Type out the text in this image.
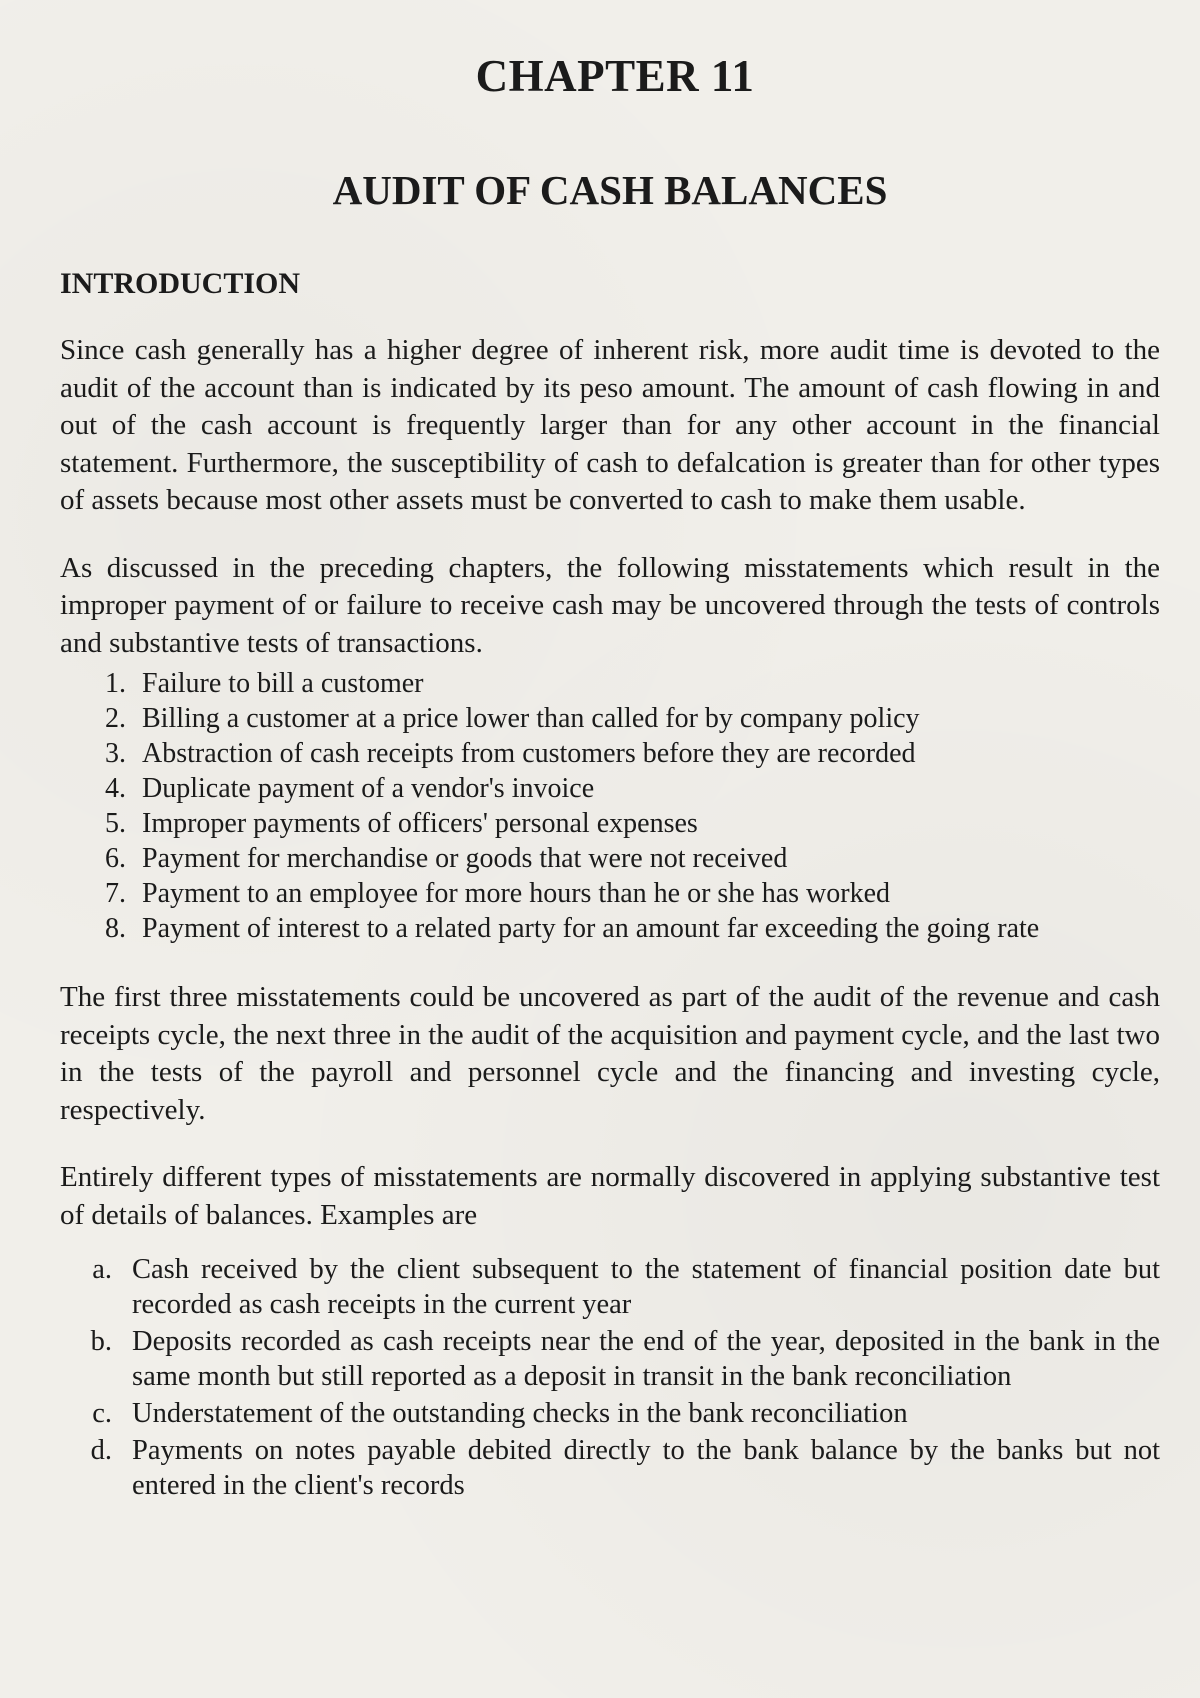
CHAPTER 11
AUDIT OF CASH BALANCES
INTRODUCTION

Since cash generally has a higher degree of inherent risk, more audit time is devoted to the audit of the account than is indicated by its peso amount. The amount of cash flowing in and out of the cash account is frequently larger than for any other account in the financial statement. Furthermore, the susceptibility of cash to defalcation is greater than for other types of assets because most other assets must be converted to cash to make them usable.

As discussed in the preceding chapters, the following misstatements which result in the improper payment of or failure to receive cash may be uncovered through the tests of controls and substantive tests of transactions.

1. Failure to bill a customer
2. Billing a customer at a price lower than called for by company policy
3. Abstraction of cash receipts from customers before they are recorded
4. Duplicate payment of a vendor's invoice
5. Improper payments of officers' personal expenses
6. Payment for merchandise or goods that were not received
7. Payment to an employee for more hours than he or she has worked
8. Payment of interest to a related party for an amount far exceeding the going rate

The first three misstatements could be uncovered as part of the audit of the revenue and cash receipts cycle, the next three in the audit of the acquisition and payment cycle, and the last two in the tests of the payroll and personnel cycle and the financing and investing cycle, respectively.

Entirely different types of misstatements are normally discovered in applying substantive test of details of balances. Examples are

a. Cash received by the client subsequent to the statement of financial position date but recorded as cash receipts in the current year
b. Deposits recorded as cash receipts near the end of the year, deposited in the bank in the same month but still reported as a deposit in transit in the bank reconciliation
c. Understatement of the outstanding checks in the bank reconciliation
d. Payments on notes payable debited directly to the bank balance by the banks but not entered in the client's records
